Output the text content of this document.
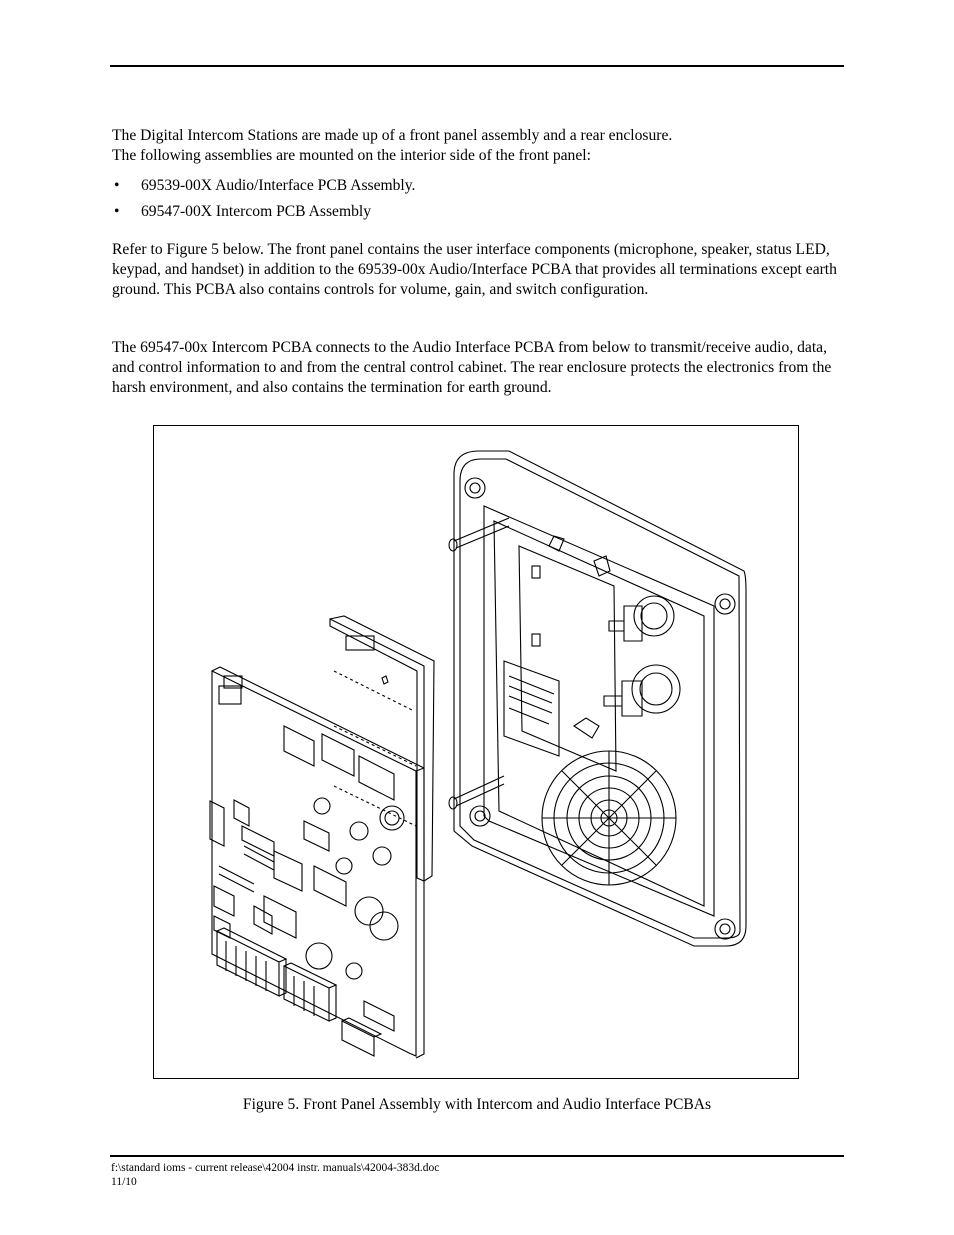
The Digital Intercom Stations are made up of a front panel assembly and a rear enclosure.
The following assemblies are mounted on the interior side of the front panel:

• 69539-00X Audio/Interface PCB Assembly.
• 69547-00X Intercom PCB Assembly

Refer to Figure 5 below. The front panel contains the user interface components (microphone, speaker, status LED, keypad, and handset) in addition to the 69539-00x Audio/Interface PCBA that provides all terminations except earth ground. This PCBA also contains controls for volume, gain, and switch configuration.

The 69547-00x Intercom PCBA connects to the Audio Interface PCBA from below to transmit/receive audio, data, and control information to and from the central control cabinet. The rear enclosure protects the electronics from the harsh environment, and also contains the termination for earth ground.

Figure 5. Front Panel Assembly with Intercom and Audio Interface PCBAs
f:\standard ioms - current release\42004 instr. manuals\42004-383d.doc
11/10
